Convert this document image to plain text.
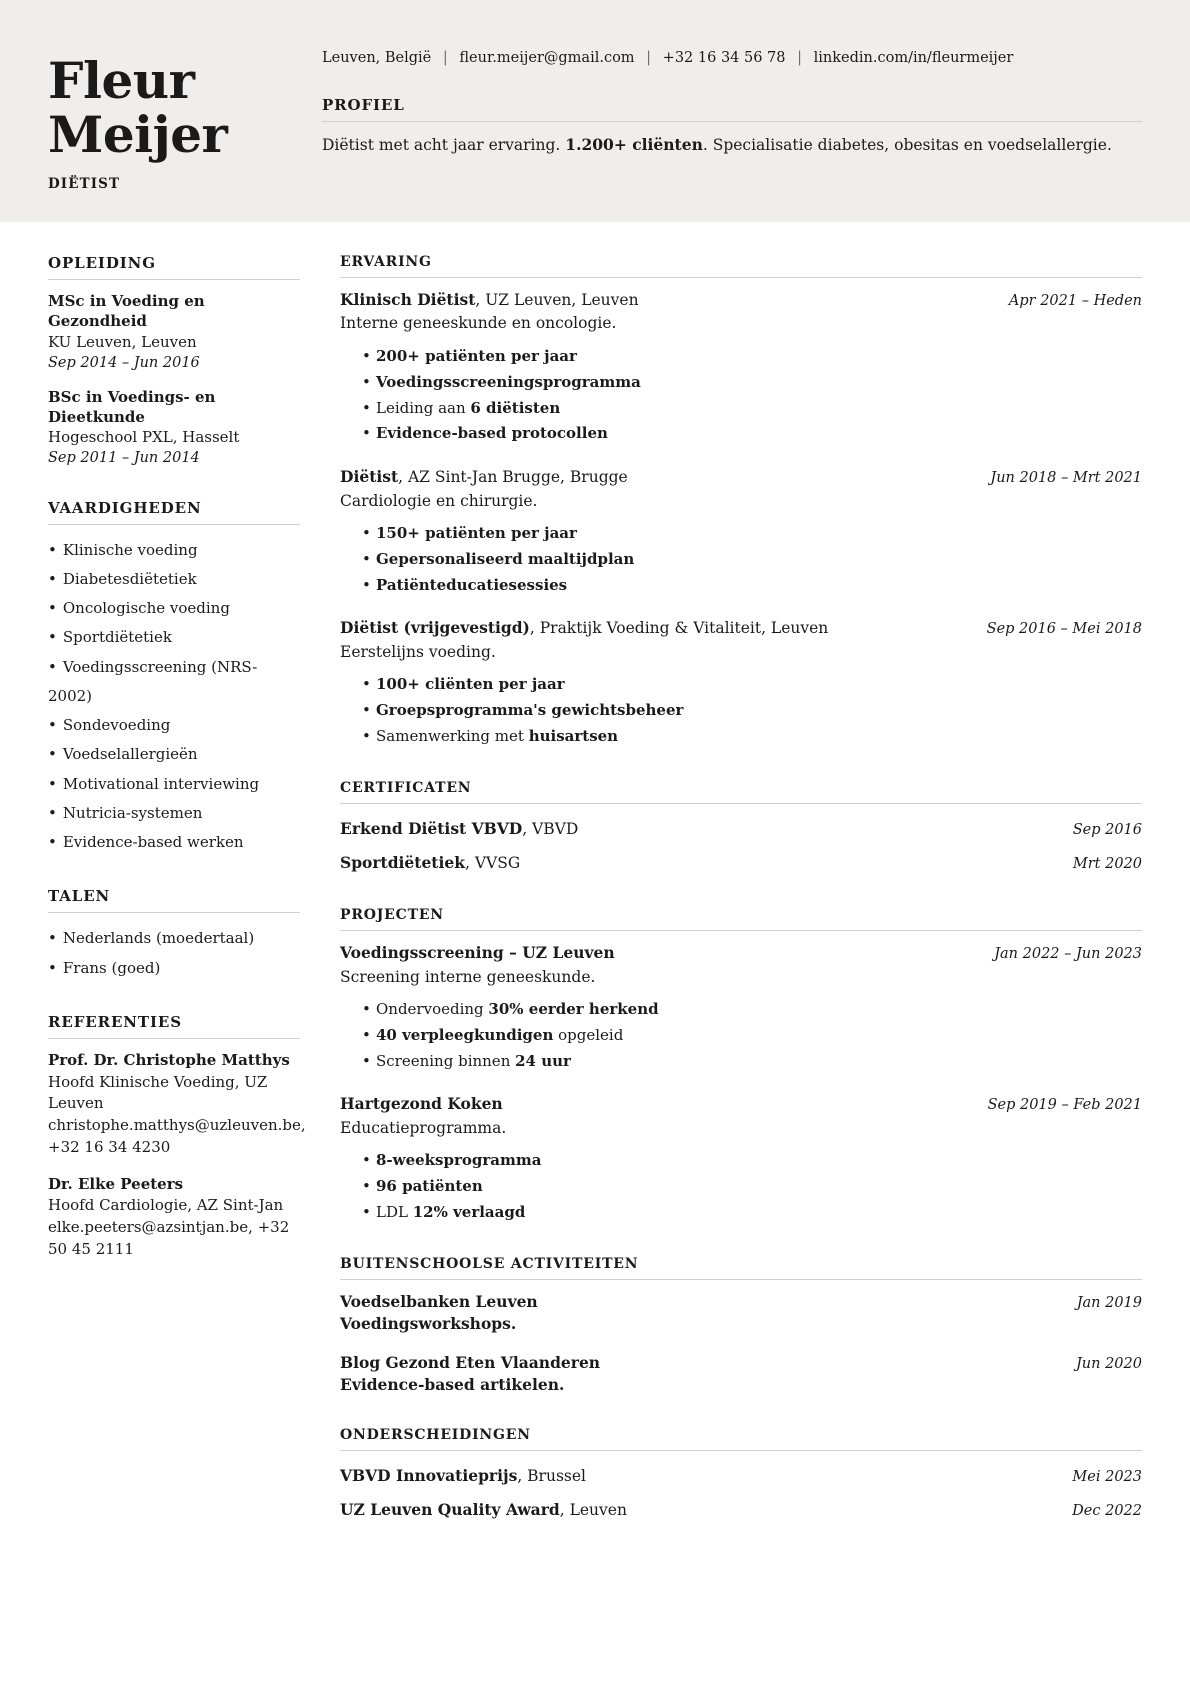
Fleur
Meijer
DIËTIST
Leuven, België | fleur.meijer@gmail.com | +32 16 34 56 78 | linkedin.com/in/fleurmeijer
PROFIEL
Diëtist met acht jaar ervaring. 1.200+ cliënten. Specialisatie diabetes, obesitas en voedselallergie.
OPLEIDING
MSc in Voeding en Gezondheid
KU Leuven, Leuven
Sep 2014 – Jun 2016
BSc in Voedings- en Dieetkunde
Hogeschool PXL, Hasselt
Sep 2011 – Jun 2014
VAARDIGHEDEN
• Klinische voeding
• Diabetesdiëtetiek
• Oncologische voeding
• Sportdiëtetiek
• Voedingsscreening (NRS-2002)
• Sondevoeding
• Voedselallergieën
• Motivational interviewing
• Nutricia-systemen
• Evidence-based werken
TALEN
• Nederlands (moedertaal)
• Frans (goed)
REFERENTIES
Prof. Dr. Christophe Matthys
Hoofd Klinische Voeding, UZ Leuven
christophe.matthys@uzleuven.be, +32 16 34 4230
Dr. Elke Peeters
Hoofd Cardiologie, AZ Sint-Jan
elke.peeters@azsintjan.be, +32 50 45 2111
ERVARING
Klinisch Diëtist, UZ Leuven, Leuven	Apr 2021 – Heden
Interne geneeskunde en oncologie.
• 200+ patiënten per jaar
• Voedingsscreeningsprogramma
• Leiding aan 6 diëtisten
• Evidence-based protocollen
Diëtist, AZ Sint-Jan Brugge, Brugge	Jun 2018 – Mrt 2021
Cardiologie en chirurgie.
• 150+ patiënten per jaar
• Gepersonaliseerd maaltijdplan
• Patiënteducatiesessies
Diëtist (vrijgevestigd), Praktijk Voeding & Vitaliteit, Leuven	Sep 2016 – Mei 2018
Eerstelijns voeding.
• 100+ cliënten per jaar
• Groepsprogramma's gewichtsbeheer
• Samenwerking met huisartsen
CERTIFICATEN
Erkend Diëtist VBVD, VBVD	Sep 2016
Sportdiëtetiek, VVSG	Mrt 2020
PROJECTEN
Voedingsscreening – UZ Leuven	Jan 2022 – Jun 2023
Screening interne geneeskunde.
• Ondervoeding 30% eerder herkend
• 40 verpleegkundigen opgeleid
• Screening binnen 24 uur
Hartgezond Koken	Sep 2019 – Feb 2021
Educatieprogramma.
• 8-weeksprogramma
• 96 patiënten
• LDL 12% verlaagd
BUITENSCHOOLSE ACTIVITEITEN
Voedselbanken Leuven	Jan 2019
Voedingsworkshops.
Blog Gezond Eten Vlaanderen	Jun 2020
Evidence-based artikelen.
ONDERSCHEIDINGEN
VBVD Innovatieprijs, Brussel	Mei 2023
UZ Leuven Quality Award, Leuven	Dec 2022
